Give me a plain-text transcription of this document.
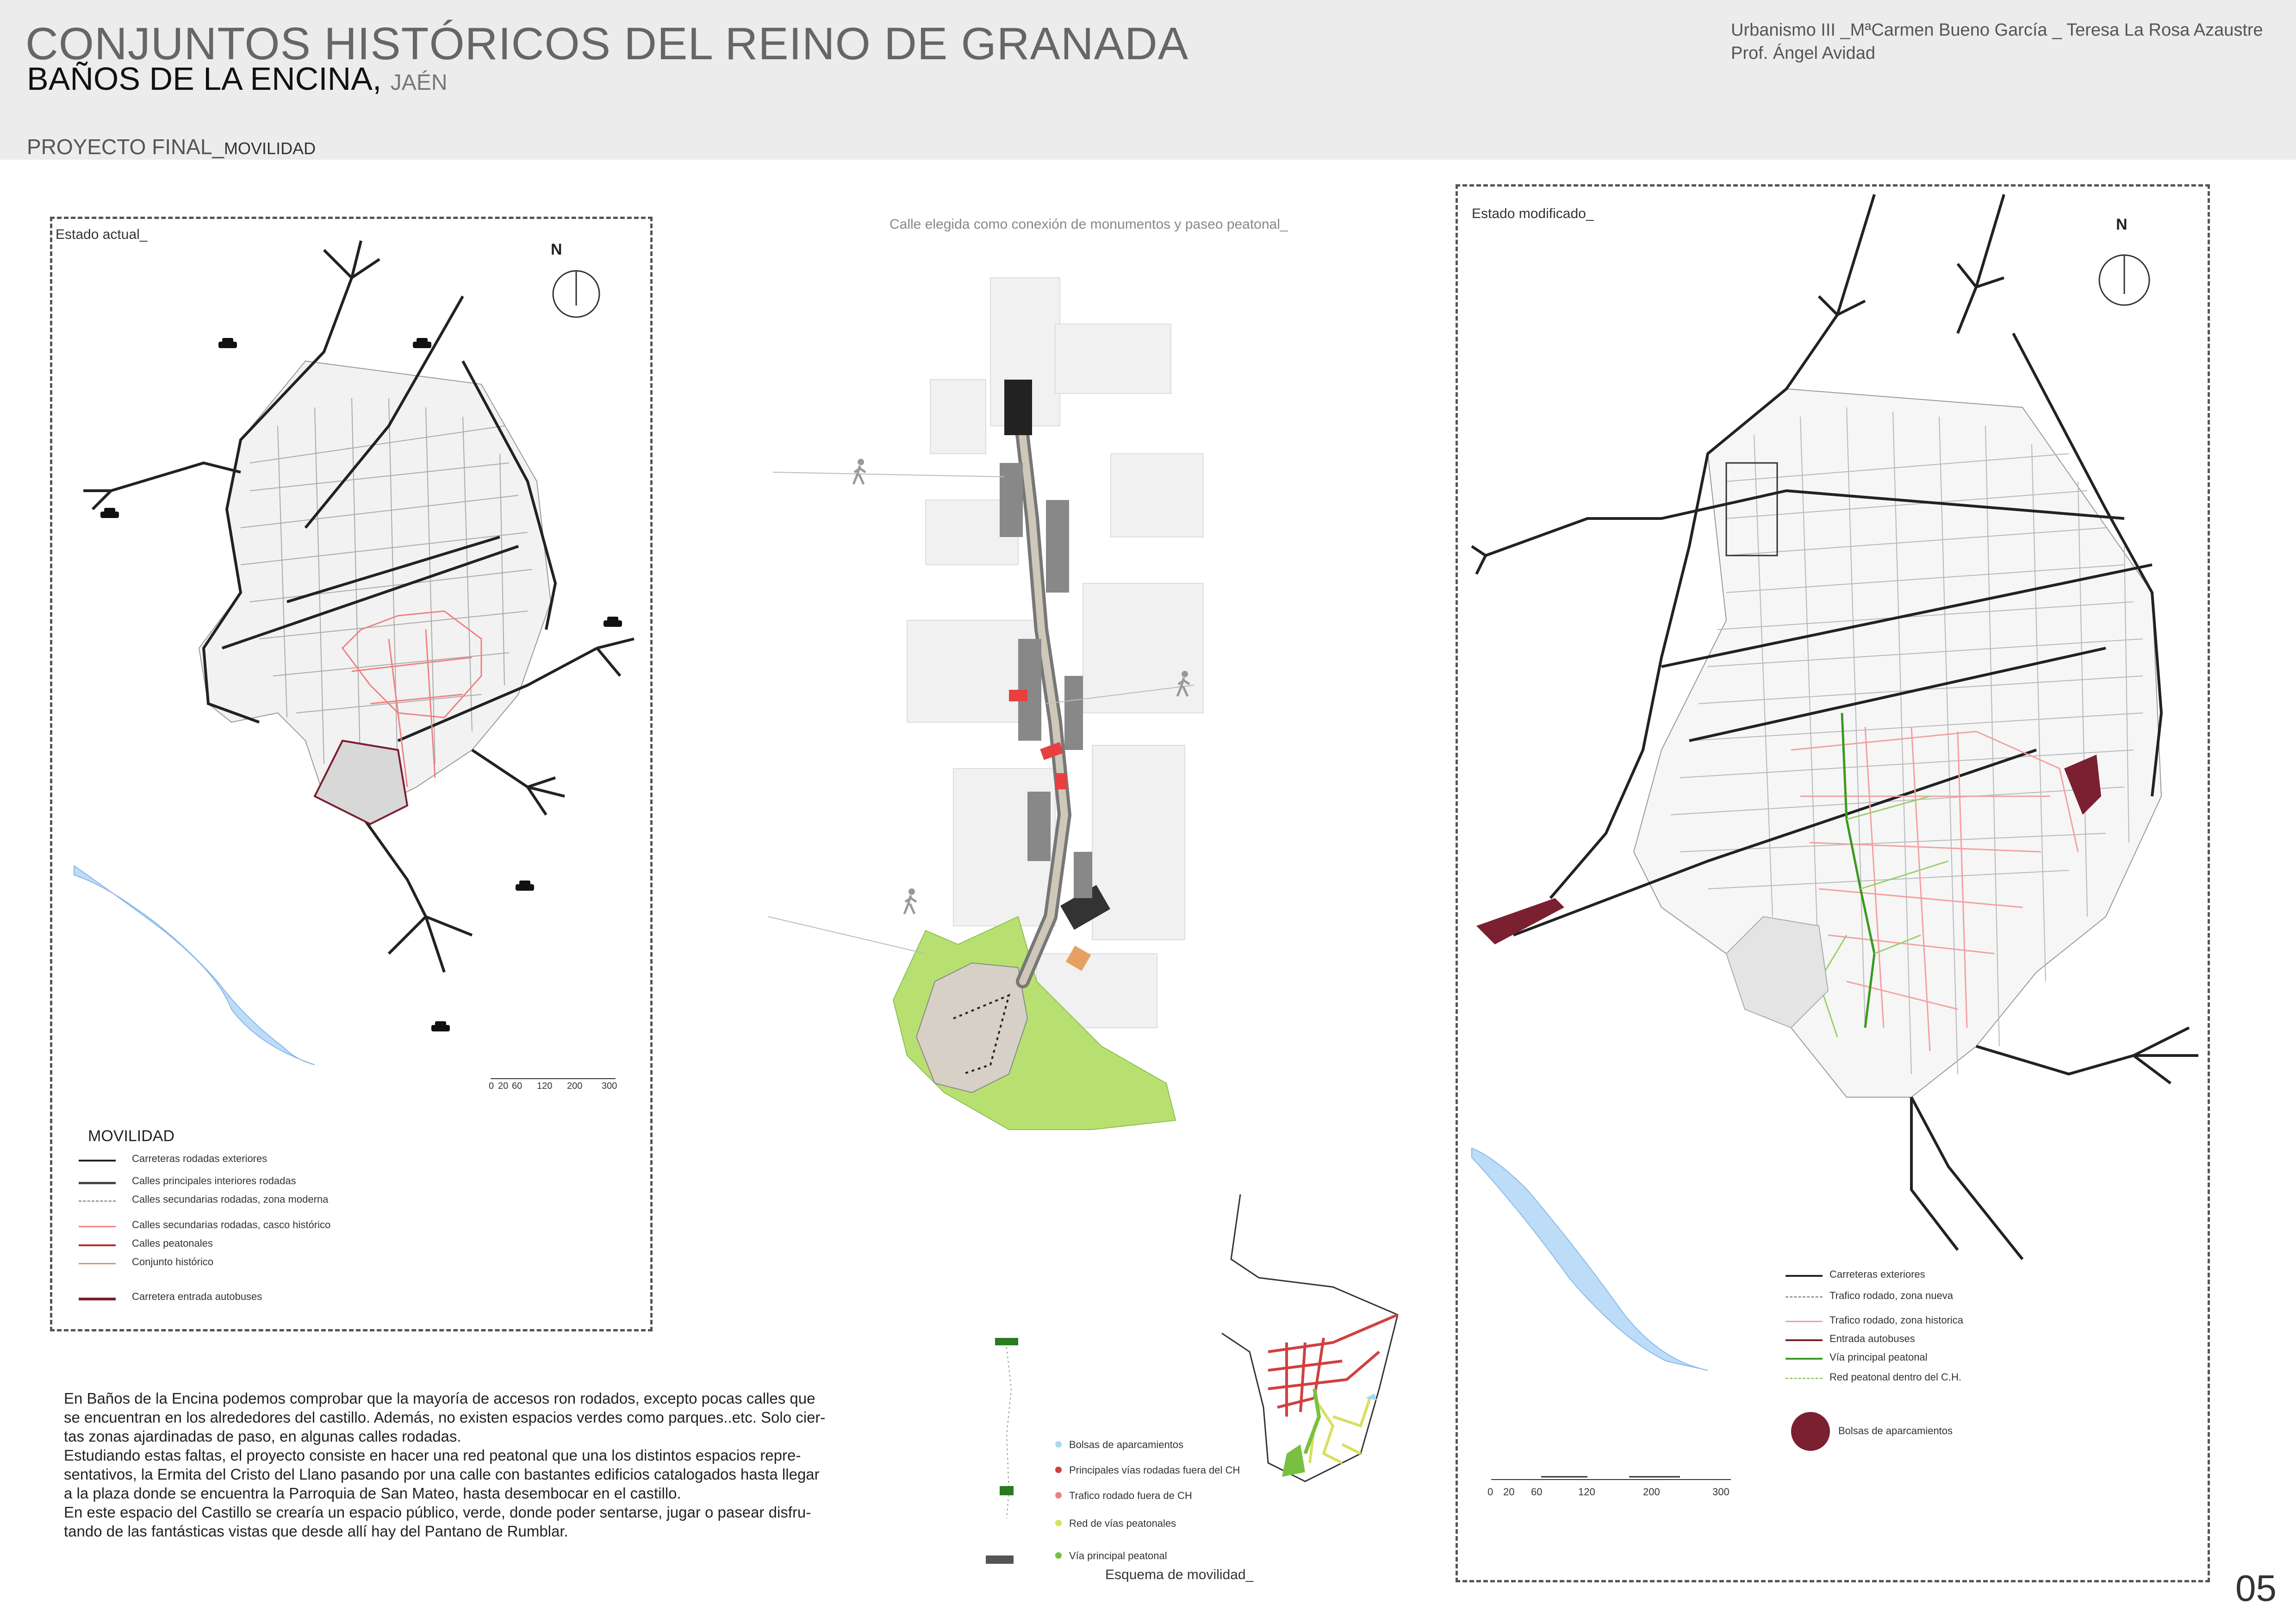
CONJUNTOS HISTÓRICOS DEL REINO DE GRANADA
BAÑOS DE LA ENCINA, JAÉN
PROYECTO FINAL_MOVILIDAD
Urbanismo III _MªCarmen Bueno García _ Teresa La Rosa Azaustre
Prof. Ángel Avidad
Estado actual_
N
0 20 60 120 200 300
MOVILIDAD
Carreteras rodadas exteriores
Calles principales interiores rodadas
Calles secundarias rodadas, zona moderna
Calles secundarias rodadas, casco histórico
Calles peatonales
Conjunto histórico
Carretera entrada autobuses
Calle elegida como conexión de monumentos y paseo peatonal_
Bolsas de aparcamientos
Principales vías rodadas fuera del CH
Trafico rodado fuera de CH
Red de vías peatonales
Vía principal peatonal
Esquema de movilidad_
Estado modificado_
N
Carreteras exteriores
Trafico rodado, zona nueva
Trafico rodado, zona historica
Entrada autobuses
Vía principal peatonal
Red peatonal dentro del C.H.
Bolsas de aparcamientos
0 20 60	120	200	300

En Baños de la Encina podemos comprobar que la mayoría de accesos ron rodados, excepto pocas calles que

se encuentran en los alrededores del castillo. Además, no existen espacios verdes como parques..etc. Solo cier-

tas zonas ajardinadas de paso, en algunas calles rodadas.

Estudiando estas faltas, el proyecto consiste en hacer una red peatonal que una los distintos espacios repre-

sentativos, la Ermita del Cristo del Llano pasando por una calle con bastantes edificios catalogados hasta llegar

a la plaza donde se encuentra la Parroquia de San Mateo, hasta desembocar en el castillo.

En este espacio del Castillo se crearía un espacio público, verde, donde poder sentarse, jugar o pasear disfru-

tando de las fantásticas vistas que desde allí hay del Pantano de Rumblar.

05
